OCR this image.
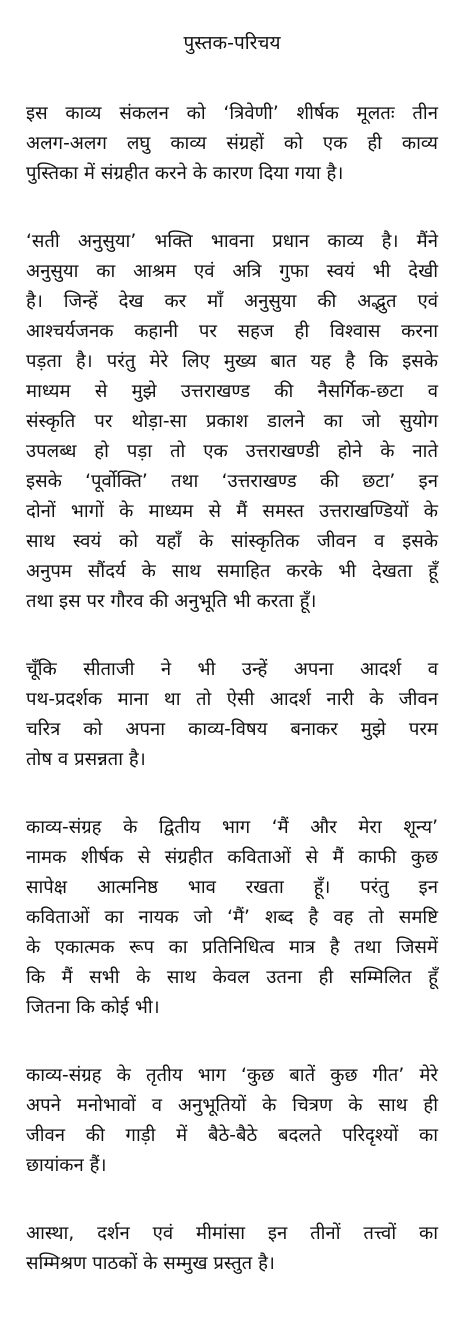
पुस्तक-परिचय
इस काव्य संकलन को ‘त्रिवेणी’ शीर्षक मूलतः तीन
अलग-अलग लघु काव्य संग्रहों को एक ही काव्य
पुस्तिका में संग्रहीत करने के कारण दिया गया है।
‘सती अनुसुया’ भक्ति भावना प्रधान काव्य है। मैंने
अनुसुया का आश्रम एवं अत्रि गुफा स्वयं भी देखी
है। जिन्हें देख कर माँ अनुसुया की अद्भुत एवं
आश्चर्यजनक कहानी पर सहज ही विश्वास करना
पड़ता है। परंतु मेरे लिए मुख्य बात यह है कि इसके
माध्यम से मुझे उत्तराखण्ड की नैसर्गिक-छटा व
संस्कृति पर थोड़ा-सा प्रकाश डालने का जो सुयोग
उपलब्ध हो पड़ा तो एक उत्तराखण्डी होने के नाते
इसके ‘पूर्वोक्ति’ तथा ‘उत्तराखण्ड की छटा’ इन
दोनों भागों के माध्यम से मैं समस्त उत्तराखण्डियों के
साथ स्वयं को यहाँ के सांस्कृतिक जीवन व इसके
अनुपम सौंदर्य के साथ समाहित करके भी देखता हूँ
तथा इस पर गौरव की अनुभूति भी करता हूँ।
चूँकि सीताजी ने भी उन्हें अपना आदर्श व
पथ-प्रदर्शक माना था तो ऐसी आदर्श नारी के जीवन
चरित्र को अपना काव्य-विषय बनाकर मुझे परम
तोष व प्रसन्नता है।
काव्य-संग्रह के द्वितीय भाग ‘मैं और मेरा शून्य’
नामक शीर्षक से संग्रहीत कविताओं से मैं काफी कुछ
सापेक्ष आत्मनिष्ठ भाव रखता हूँ। परंतु इन
कविताओं का नायक जो ‘मैं’ शब्द है वह तो समष्टि
के एकात्मक रूप का प्रतिनिधित्व मात्र है तथा जिसमें
कि मैं सभी के साथ केवल उतना ही सम्मिलित हूँ
जितना कि कोई भी।
काव्य-संग्रह के तृतीय भाग ‘कुछ बातें कुछ गीत’ मेरे
अपने मनोभावों व अनुभूतियों के चित्रण के साथ ही
जीवन की गाड़ी में बैठे-बैठे बदलते परिदृश्यों का
छायांकन हैं।
आस्था, दर्शन एवं मीमांसा इन तीनों तत्त्वों का
सम्मिश्रण पाठकों के सम्मुख प्रस्तुत है।
